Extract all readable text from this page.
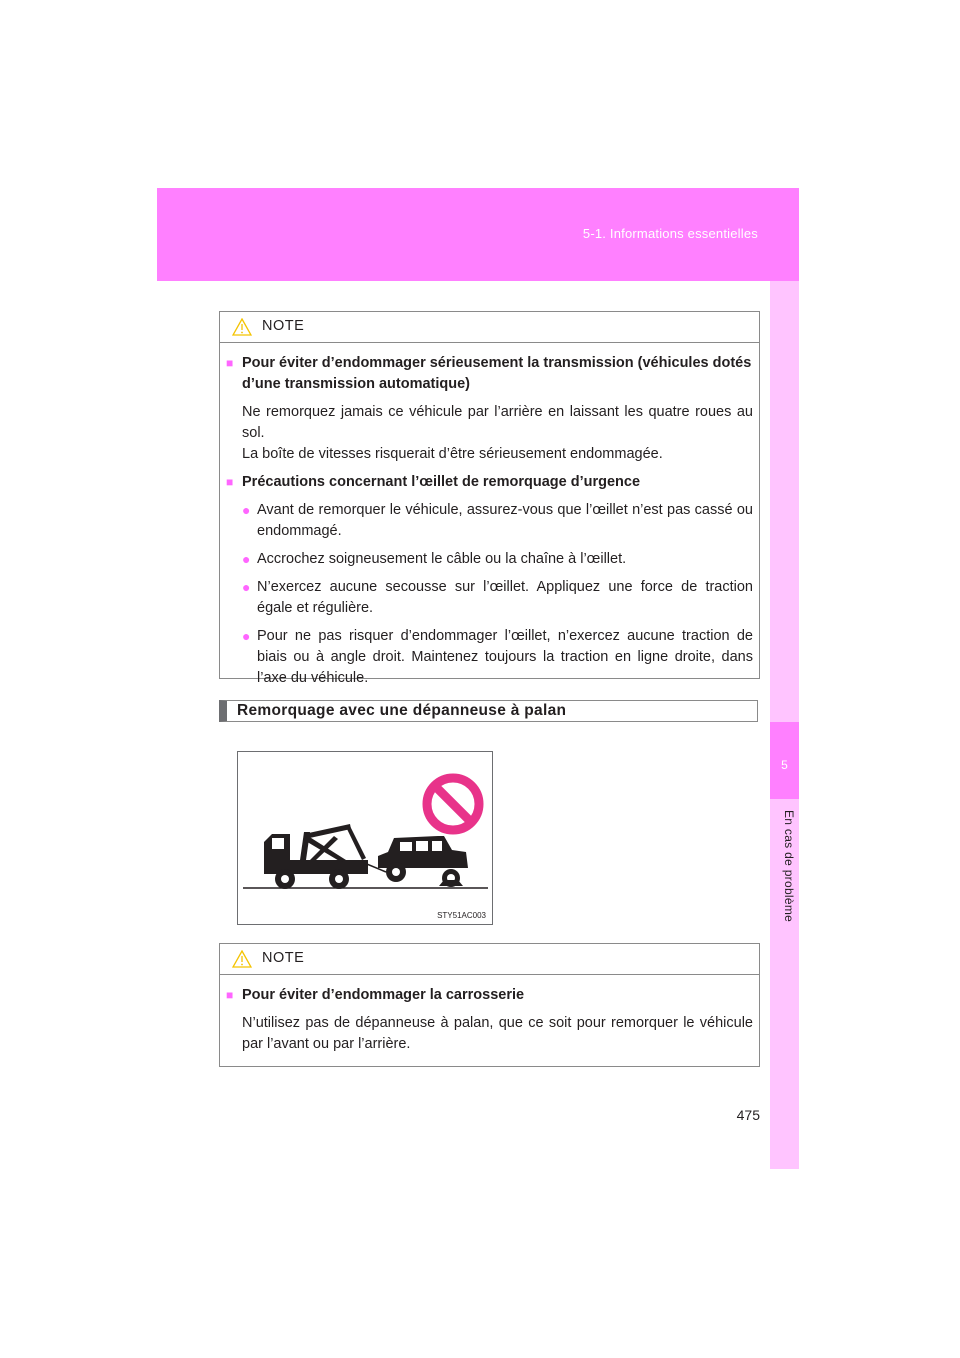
5-1. Informations essentielles
5
En cas de problème
NOTE
■ Pour éviter d’endommager sérieusement la transmission (véhicules dotés d’une transmission automatique)
Ne remorquez jamais ce véhicule par l’arrière en laissant les quatre roues au sol.
La boîte de vitesses risquerait d’être sérieusement endommagée.
■ Précautions concernant l’œillet de remorquage d’urgence
● Avant de remorquer le véhicule, assurez-vous que l’œillet n’est pas cassé ou endommagé.
● Accrochez soigneusement le câble ou la chaîne à l’œillet.
● N’exercez aucune secousse sur l’œillet. Appliquez une force de traction égale et régulière.
● Pour ne pas risquer d’endommager l’œillet, n’exercez aucune traction de biais ou à angle droit. Maintenez toujours la traction en ligne droite, dans l’axe du véhicule.
Remorquage avec une dépanneuse à palan
STY51AC003
NOTE
■ Pour éviter d’endommager la carrosserie
N’utilisez pas de dépanneuse à palan, que ce soit pour remorquer le véhicule par l’avant ou par l’arrière.
475
